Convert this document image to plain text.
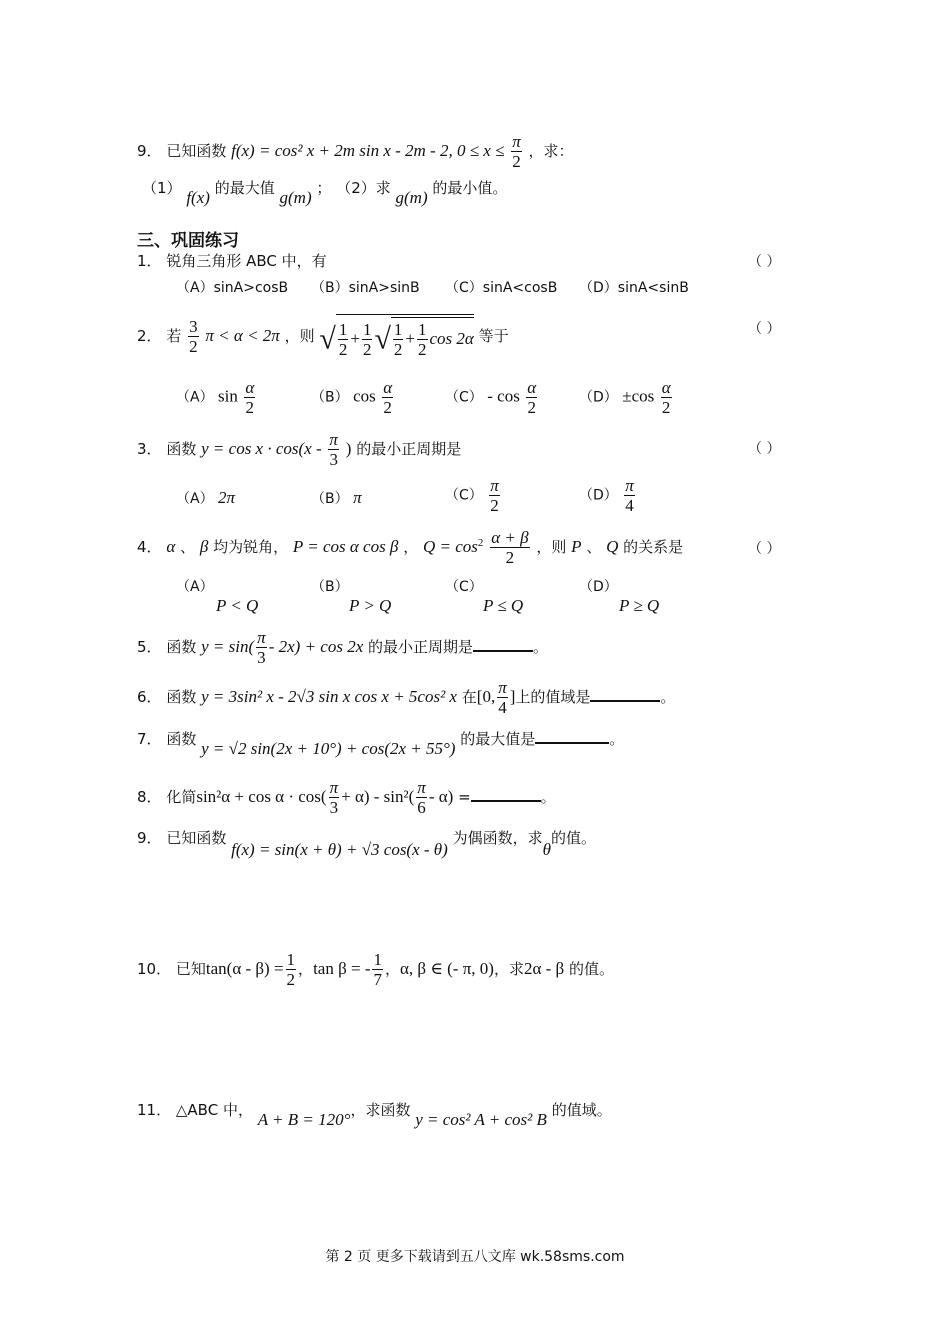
9． 已知函数 f(x) = cos² x + 2m sin x - 2m - 2, $0 \le x \le \frac{\pi}{2}$ ，求：
（1） f(x) 的最大值 g(m) ； （2）求 g(m) 的最小值。
三、巩固练习
1． 锐角三角形 ABC 中，有	（ ）
（A）sinA>cosB （B）sinA>sinB （C）sinA<cosB （D）sinA<sinB
2． 若 $\frac{3}{2}$ π < α < 2π ，则 √ $\frac{1}{2} + \frac{1}{2}$ √ $\frac{1}{2} + \frac{1}{2}$ cos 2α 等于	（ ）
（A） $\sin \frac{\alpha}{2}$	（B） $\cos \frac{\alpha}{2}$	$(C) - \cos \frac{\alpha}{2}$	$(D) \pm\cos \frac{\alpha}{2}$
3． 函数 $y = \cos x \cdot \cos(x - \frac{\pi}{3}$ ) 的最小正周期是	（ ）
（A） 2π	（B） π	$(C) \frac{\pi}{2}$	$(D) \frac{\pi}{4}$
4． α 、 β 均为锐角， P = cos α cos β ， $Q = \cos^2 \frac{\alpha + \beta}{2}$ ，则 P 、 Q 的关系是	（ ）
（A）
P < Q
（B）
P > Q
（C）
P ≤ Q
（D）
P ≥ Q
5． 函数 $y = \sin( \frac{\pi}{3} - 2x) + \cos 2x$ 的最小正周期是	。
6． 函数 y = 3sin² x - 2√3 sin x cos x + 5cos² x 在[0, $\frac{\pi}{4}$ ]上的值域是	。
7． 函数 y = √2 sin(2x + 10°) + cos(2x + 55°) 的最大值是	。
8． 化简$\sin^2\alpha + \cos \alpha \cdot \cos( \frac{\pi}{3} + \alpha) - \sin^2( \frac{\pi}{6} - \alpha)$ =	。
9． 已知函数 f(x) = sin(x + θ) + √3 cos(x - θ) 为偶函数，求θ的值。
10． 已知$\tan(\alpha - \beta) = \frac{1}{2}$ ，tan β = - $\frac{1}{7}$ ，α, β ∈ (- π, 0)，求2α - β 的值。
11． △ABC 中， A + B = 120°，求函数 y = cos² A + cos² B 的值域。
第 2 页 更多下载请到五八文库 wk.58sms.com
